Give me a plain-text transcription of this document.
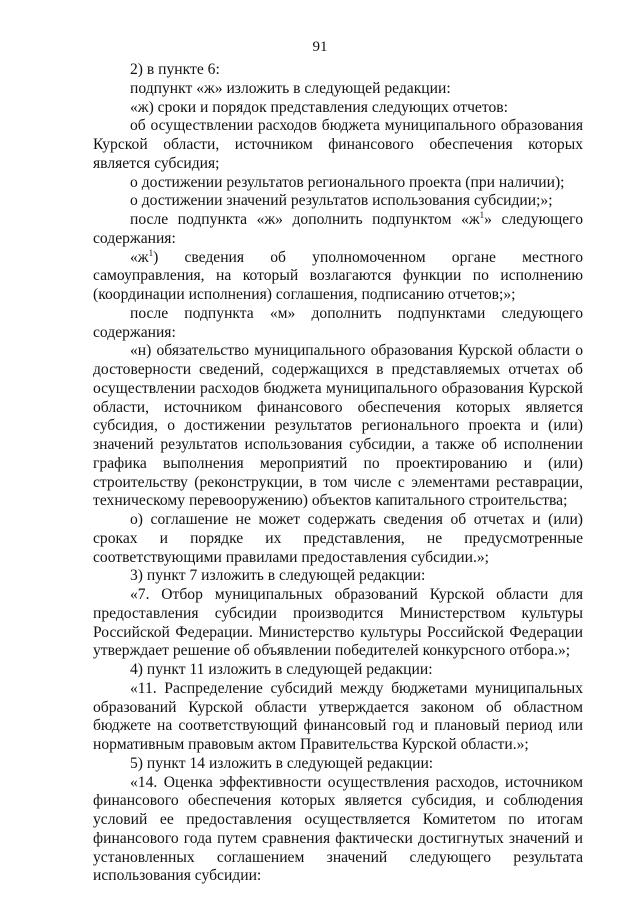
91

2) в пункте 6:

подпункт «ж» изложить в следующей редакции:

«ж) сроки и порядок представления следующих отчетов:

об осуществлении расходов бюджета муниципального образования Курской области, источником финансового обеспечения которых является субсидия;

о достижении результатов регионального проекта (при наличии);

о достижении значений результатов использования субсидии;»;

после подпункта «ж» дополнить подпунктом «$ж^1$» следующего содержания:

«$ж^1$) сведения об уполномоченном органе местного самоуправления, на который возлагаются функции по исполнению (координации исполнения) соглашения, подписанию отчетов;»;

после подпункта «м» дополнить подпунктами следующего содержания:

«н) обязательство муниципального образования Курской области о достоверности сведений, содержащихся в представляемых отчетах об осуществлении расходов бюджета муниципального образования Курской области, источником финансового обеспечения которых является субсидия, о достижении результатов регионального проекта и (или) значений результатов использования субсидии, а также об исполнении графика выполнения мероприятий по проектированию и (или) строительству (реконструкции, в том числе с элементами реставрации, техническому перевооружению) объектов капитального строительства;

о) соглашение не может содержать сведения об отчетах и (или) сроках и порядке их представления, не предусмотренные соответствующими правилами предоставления субсидии.»;

3) пункт 7 изложить в следующей редакции:

«7. Отбор муниципальных образований Курской области для предоставления субсидии производится Министерством культуры Российской Федерации. Министерство культуры Российской Федерации утверждает решение об объявлении победителей конкурсного отбора.»;

4) пункт 11 изложить в следующей редакции:

«11. Распределение субсидий между бюджетами муниципальных образований Курской области утверждается законом об областном бюджете на соответствующий финансовый год и плановый период или нормативным правовым актом Правительства Курской области.»;

5) пункт 14 изложить в следующей редакции:

«14. Оценка эффективности осуществления расходов, источником финансового обеспечения которых является субсидия, и соблюдения условий ее предоставления осуществляется Комитетом по итогам финансового года путем сравнения фактически достигнутых значений и установленных соглашением значений следующего результата использования субсидии:
